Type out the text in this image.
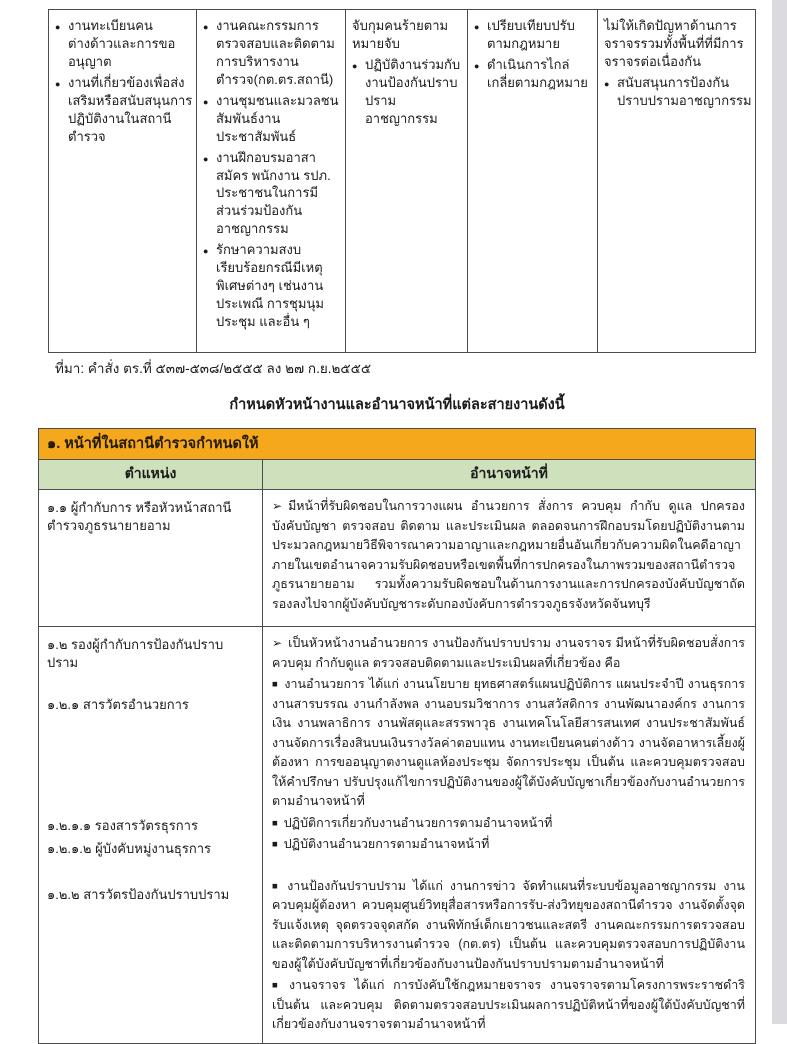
● งานทะเบียนคนต่างด้าวและการขออนุญาต
● งานที่เกี่ยวข้องเพื่อส่งเสริมหรือสนับสนุนการปฏิบัติงานในสถานีตำรวจ
● งานคณะกรรมการตรวจสอบและติดตามการบริหารงานตำรวจ(กต.ตร.สถานี)
● งานชุมชนและมวลชนสัมพันธ์งานประชาสัมพันธ์
● งานฝึกอบรมอาสาสมัคร พนักงาน รปภ. ประชาชนในการมีส่วนร่วมป้องกันอาชญากรรม
● รักษาความสงบเรียบร้อยกรณีมีเหตุพิเศษต่างๆ เช่นงานประเพณี การชุมนุมประชุม และอื่น ๆ
จับกุมคนร้ายตามหมายจับ
● ปฏิบัติงานร่วมกับงานป้องกันปราบปรามอาชญากรรม
● เปรียบเทียบปรับตามกฎหมาย
● ดำเนินการไกล่เกลี่ยตามกฎหมาย
ไม่ให้เกิดปัญหาด้านการจราจรรวมทั้งพื้นที่ที่มีการจราจรต่อเนื่องกัน
● สนับสนุนการป้องกันปราบปรามอาชญากรรม
ที่มา: คำสั่ง ตร.ที่ ๕๓๗-๕๓๘/๒๕๕๕ ลง ๒๗ ก.ย.๒๕๕๕
กำหนดหัวหน้างานและอำนาจหน้าที่แต่ละสายงานดังนี้
๑. หน้าที่ในสถานีตำรวจกำหนดให้
ตำแหน่ง	อำนาจหน้าที่
๑.๑ ผู้กำกับการ หรือหัวหน้าสถานีตำรวจภูธรนายายอาม
➢ มีหน้าที่รับผิดชอบในการวางแผน อำนวยการ สั่งการ ควบคุม กำกับ ดูแล ปกครองบังคับบัญชา ตรวจสอบ ติดตาม และประเมินผล ตลอดจนการฝึกอบรมโดยปฏิบัติงานตามประมวลกฎหมายวิธีพิจารณาความอาญาและกฎหมายอื่นอันเกี่ยวกับความผิดในคดีอาญาภายในเขตอำนาจความรับผิดชอบหรือเขตพื้นที่การปกครองในภาพรวมของสถานีตำรวจภูธรนายายอาม รวมทั้งความรับผิดชอบในด้านการงานและการปกครองบังคับบัญชาถัดรองลงไปจากผู้บังคับบัญชาระดับกองบังคับการตำรวจภูธรจังหวัดจันทบุรี
๑.๒ รองผู้กำกับการป้องกันปราบปราม
๑.๒.๑ สารวัตรอำนวยการ
๑.๒.๑.๑ รองสารวัตรธุรการ
๑.๒.๑.๒ ผู้บังคับหมู่งานธุรการ
๑.๒.๒ สารวัตรป้องกันปราบปราม
➢ เป็นหัวหน้างานอำนวยการ งานป้องกันปราบปราม งานจราจร มีหน้าที่รับผิดชอบสั่งการ ควบคุม กำกับดูแล ตรวจสอบติดตามและประเมินผลที่เกี่ยวข้อง คือ
■ งานอำนวยการ ได้แก่ งานนโยบาย ยุทธศาสตร์แผนปฏิบัติการ แผนประจำปี งานธุรการ งานสารบรรณ งานกำลังพล งานอบรมวิชาการ งานสวัสดิการ งานพัฒนาองค์กร งานการเงิน งานพลาธิการ งานพัสดุและสรรพาวุธ งานเทคโนโลยีสารสนเทศ งานประชาสัมพันธ์ งานจัดการเรื่องสินบนเงินรางวัลค่าตอบแทน งานทะเบียนคนต่างด้าว งานจัดอาหารเลี้ยงผู้ต้องหา การขออนุญาตงานดูแลห้องประชุม จัดการประชุม เป็นต้น และควบคุมตรวจสอบ ให้คำปรึกษา ปรับปรุงแก้ไขการปฏิบัติงานของผู้ใต้บังคับบัญชาเกี่ยวข้องกับงานอำนวยการตามอำนาจหน้าที่
■ ปฏิบัติการเกี่ยวกับงานอำนวยการตามอำนาจหน้าที่
■ ปฏิบัติงานอำนวยการตามอำนาจหน้าที่
■ งานป้องกันปราบปราม ได้แก่ งานการข่าว จัดทำแผนที่ระบบข้อมูลอาชญากรรม งานควบคุมผู้ต้องหา ควบคุมศูนย์วิทยุสื่อสารหรือการรับ-ส่งวิทยุของสถานีตำรวจ งานจัดตั้งจุดรับแจ้งเหตุ จุดตรวจจุดสกัด งานพิทักษ์เด็กเยาวชนและสตรี งานคณะกรรมการตรวจสอบและติดตามการบริหารงานตำรวจ (กต.ตร) เป็นต้น และควบคุมตรวจสอบการปฏิบัติงานของผู้ใต้บังคับบัญชาที่เกี่ยวข้องกับงานป้องกันปราบปรามตามอำนาจหน้าที่
■ งานจราจร ได้แก่ การบังคับใช้กฎหมายจราจร งานจราจรตามโครงการพระราชดำริ เป็นต้น และควบคุม ติดตามตรวจสอบประเมินผลการปฏิบัติหน้าที่ของผู้ใต้บังคับบัญชาที่เกี่ยวข้องกับงานจราจรตามอำนาจหน้าที่
